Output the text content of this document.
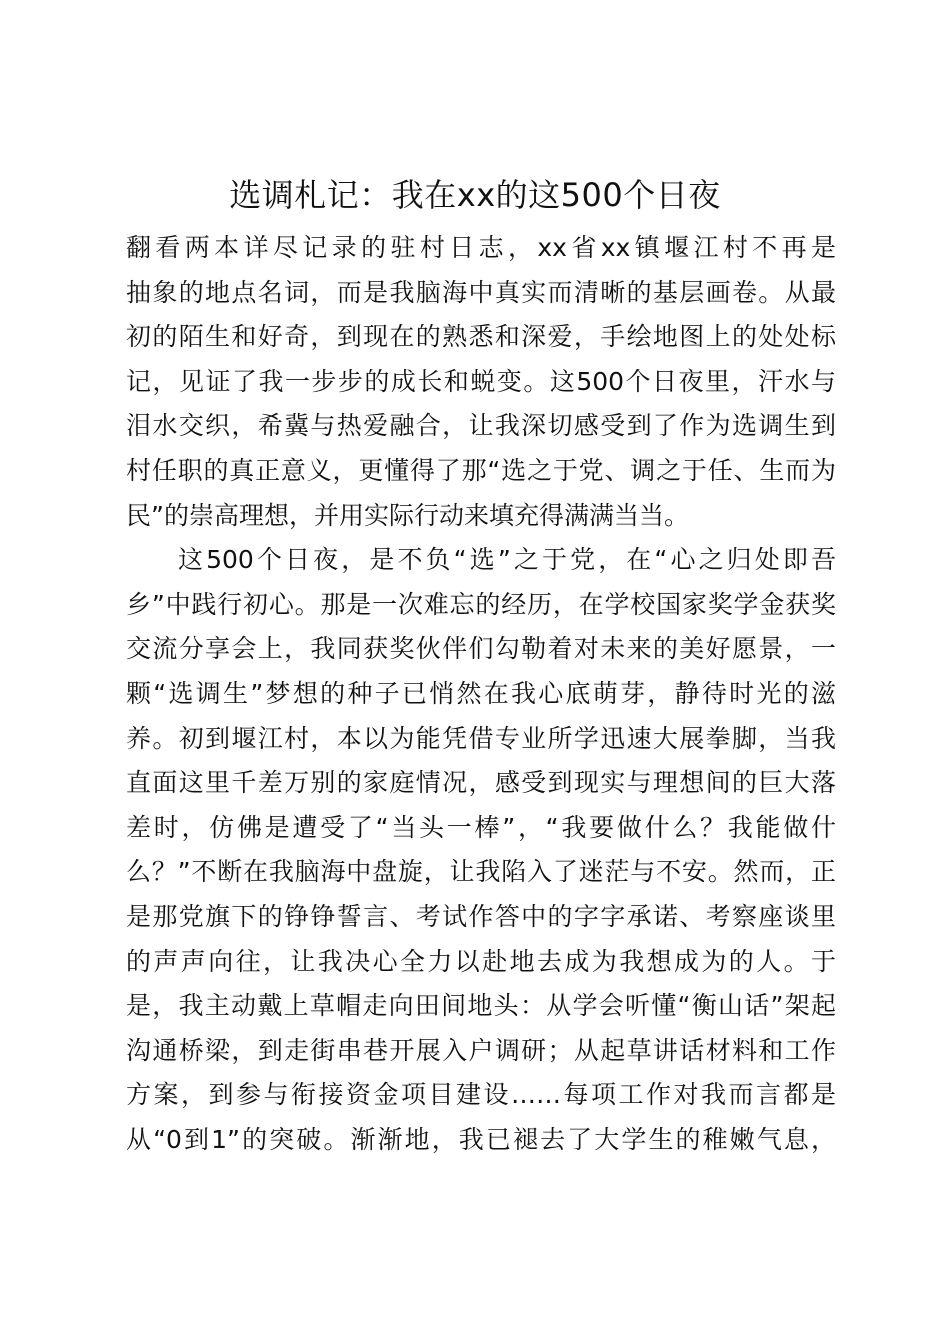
选调札记：我在xx的这500个日夜
翻看两本详尽记录的驻村日志，xx省xx镇堰江村不再是
抽象的地点名词，而是我脑海中真实而清晰的基层画卷。从最
初的陌生和好奇，到现在的熟悉和深爱，手绘地图上的处处标
记，见证了我一步步的成长和蜕变。这500个日夜里，汗水与
泪水交织，希冀与热爱融合，让我深切感受到了作为选调生到
村任职的真正意义，更懂得了那“选之于党、调之于任、生而为
民”的崇高理想，并用实际行动来填充得满满当当。
这500个日夜，是不负“选”之于党，在“心之归处即吾
乡”中践行初心。那是一次难忘的经历，在学校国家奖学金获奖
交流分享会上，我同获奖伙伴们勾勒着对未来的美好愿景，一
颗“选调生”梦想的种子已悄然在我心底萌芽，静待时光的滋
养。初到堰江村，本以为能凭借专业所学迅速大展拳脚，当我
直面这里千差万别的家庭情况，感受到现实与理想间的巨大落
差时，仿佛是遭受了“当头一棒”，“我要做什么？我能做什
么？”不断在我脑海中盘旋，让我陷入了迷茫与不安。然而，正
是那党旗下的铮铮誓言、考试作答中的字字承诺、考察座谈里
的声声向往，让我决心全力以赴地去成为我想成为的人。于
是，我主动戴上草帽走向田间地头：从学会听懂“衡山话”架起
沟通桥梁，到走街串巷开展入户调研；从起草讲话材料和工作
方案，到参与衔接资金项目建设……每项工作对我而言都是
从“0到1”的突破。渐渐地，我已褪去了大学生的稚嫩气息，
